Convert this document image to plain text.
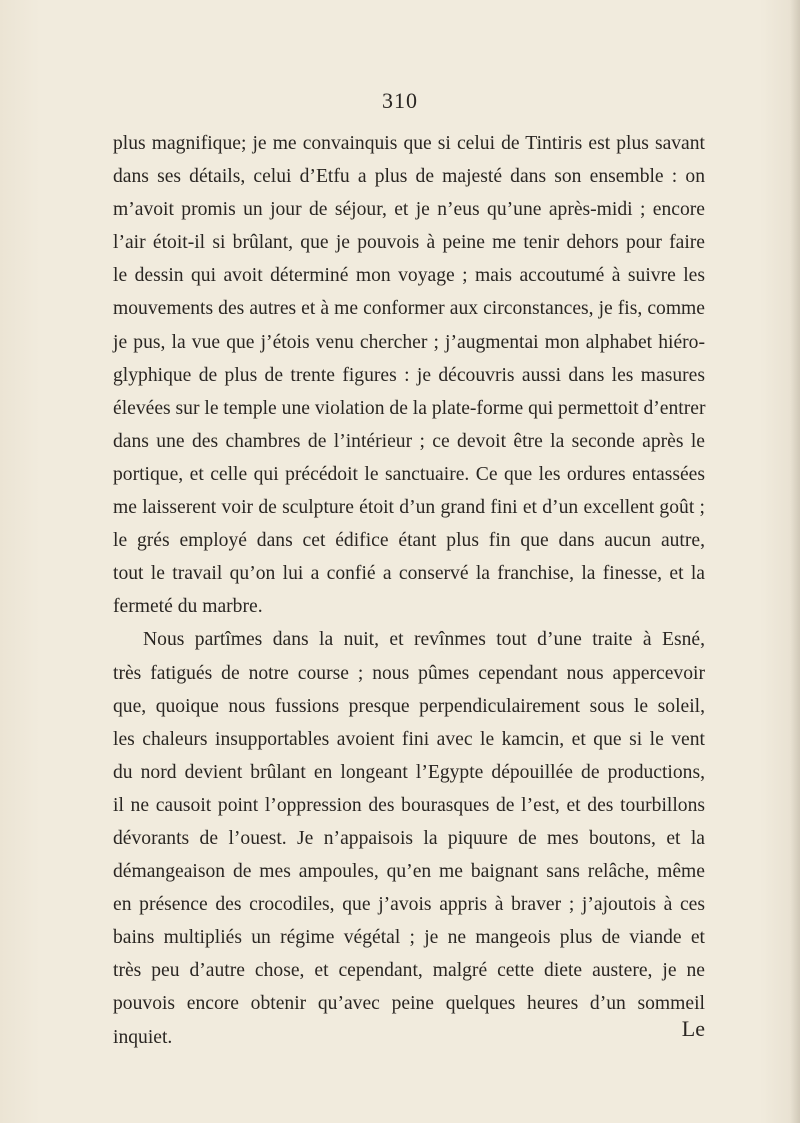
310
plus magnifique; je me convainquis que si celui de Tintiris est plus savant
dans ses détails, celui d’Etfu a plus de majesté dans son ensemble : on
m’avoit promis un jour de séjour, et je n’eus qu’une après-midi ; encore
l’air étoit-il si brûlant, que je pouvois à peine me tenir dehors pour faire
le dessin qui avoit déterminé mon voyage ; mais accoutumé à suivre les
mouvements des autres et à me conformer aux circonstances, je fis, comme
je pus, la vue que j’étois venu chercher ; j’augmentai mon alphabet hiéro-
glyphique de plus de trente figures : je découvris aussi dans les masures
élevées sur le temple une violation de la plate-forme qui permettoit d’entrer
dans une des chambres de l’intérieur ; ce devoit être la seconde après le
portique, et celle qui précédoit le sanctuaire. Ce que les ordures entassées
me laisserent voir de sculpture étoit d’un grand fini et d’un excellent goût ;
le grés employé dans cet édifice étant plus fin que dans aucun autre,
tout le travail qu’on lui a confié a conservé la franchise, la finesse, et la
fermeté du marbre.
Nous partîmes dans la nuit, et revînmes tout d’une traite à Esné,
très fatigués de notre course ; nous pûmes cependant nous appercevoir
que, quoique nous fussions presque perpendiculairement sous le soleil,
les chaleurs insupportables avoient fini avec le kamcin, et que si le vent
du nord devient brûlant en longeant l’Egypte dépouillée de productions,
il ne causoit point l’oppression des bourasques de l’est, et des tourbillons
dévorants de l’ouest. Je n’appaisois la piquure de mes boutons, et la
démangeaison de mes ampoules, qu’en me baignant sans relâche, même
en présence des crocodiles, que j’avois appris à braver ; j’ajoutois à ces
bains multipliés un régime végétal ; je ne mangeois plus de viande et
très peu d’autre chose, et cependant, malgré cette diete austere, je ne
pouvois encore obtenir qu’avec peine quelques heures d’un sommeil
inquiet.	Le
